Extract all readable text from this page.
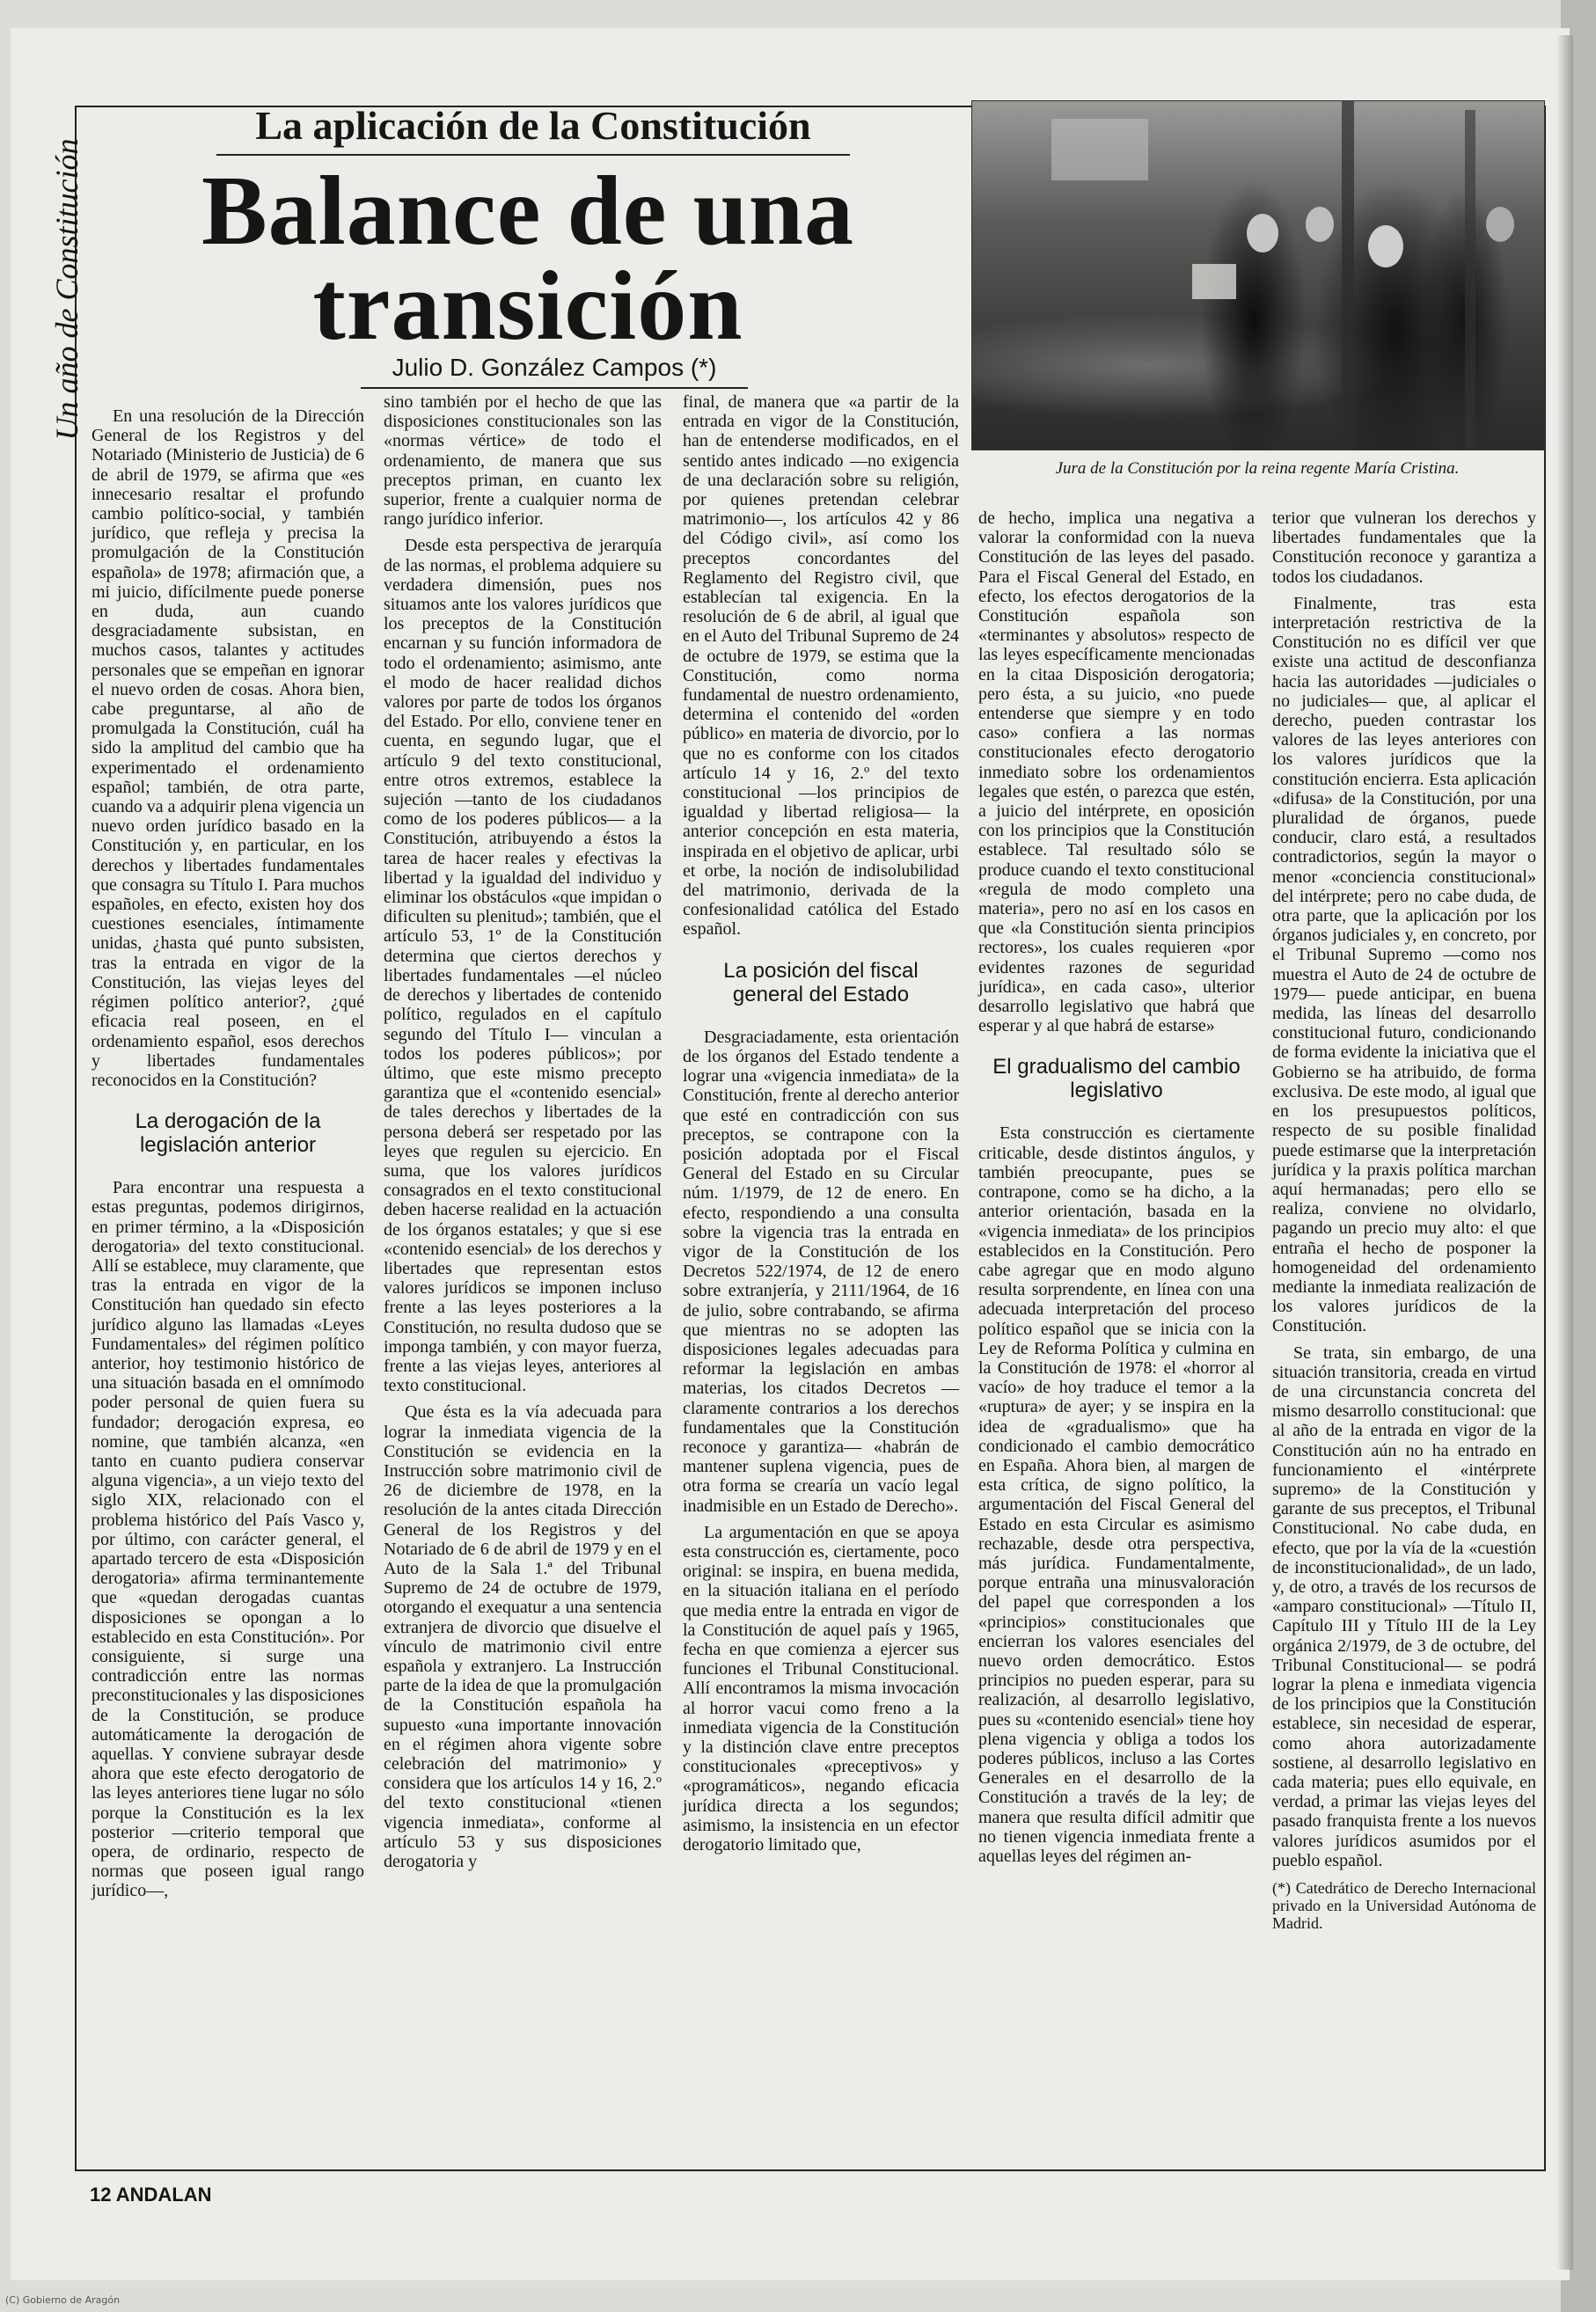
Un año de Constitución
La aplicación de la Constitución
Balance de una
transición
Julio D. González Campos (*)
Jura de la Constitución por la reina regente María Cristina.

En una resolución de la Dirección General de los Registros y del Notariado (Ministerio de Justicia) de 6 de abril de 1979, se afirma que «es innecesario resaltar el profundo cambio político-social, y también jurídico, que refleja y precisa la promulgación de la Constitución española» de 1978; afirmación que, a mi juicio, difícilmente puede ponerse en duda, aun cuando desgraciadamente subsistan, en muchos casos, talantes y actitudes personales que se empeñan en ignorar el nuevo orden de cosas. Ahora bien, cabe preguntarse, al año de promulgada la Constitución, cuál ha sido la amplitud del cambio que ha experimentado el ordenamiento español; también, de otra parte, cuando va a adquirir plena vigencia un nuevo orden jurídico basado en la Constitución y, en particular, en los derechos y libertades fundamentales que consagra su Título I. Para muchos españoles, en efecto, existen hoy dos cuestiones esenciales, íntimamente unidas, ¿hasta qué punto subsisten, tras la entrada en vigor de la Constitución, las viejas leyes del régimen político anterior?, ¿qué eficacia real poseen, en el ordenamiento español, esos derechos y libertades fundamentales reconocidos en la Constitución?

La derogación de la legislación anterior

Para encontrar una respuesta a estas preguntas, podemos dirigirnos, en primer término, a la «Disposición derogatoria» del texto constitucional. Allí se establece, muy claramente, que tras la entrada en vigor de la Constitución han quedado sin efecto jurídico alguno las llamadas «Leyes Fundamentales» del régimen político anterior, hoy testimonio histórico de una situación basada en el omnímodo poder personal de quien fuera su fundador; derogación expresa, eo nomine, que también alcanza, «en tanto en cuanto pudiera conservar alguna vigencia», a un viejo texto del siglo XIX, relacionado con el problema histórico del País Vasco y, por último, con carácter general, el apartado tercero de esta «Disposición derogatoria» afirma terminantemente que «quedan derogadas cuantas disposiciones se opongan a lo establecido en esta Constitución». Por consiguiente, si surge una contradicción entre las normas preconstitucionales y las disposiciones de la Constitución, se produce automáticamente la derogación de aquellas. Y conviene subrayar desde ahora que este efecto derogatorio de las leyes anteriores tiene lugar no sólo porque la Constitución es la lex posterior —criterio temporal que opera, de ordinario, respecto de normas que poseen igual rango jurídico—,

sino también por el hecho de que las disposiciones constitucionales son las «normas vértice» de todo el ordenamiento, de manera que sus preceptos priman, en cuanto lex superior, frente a cualquier norma de rango jurídico inferior.

Desde esta perspectiva de jerarquía de las normas, el problema adquiere su verdadera dimensión, pues nos situamos ante los valores jurídicos que los preceptos de la Constitución encarnan y su función informadora de todo el ordenamiento; asimismo, ante el modo de hacer realidad dichos valores por parte de todos los órganos del Estado. Por ello, conviene tener en cuenta, en segundo lugar, que el artículo 9 del texto constitucional, entre otros extremos, establece la sujeción —tanto de los ciudadanos como de los poderes públicos— a la Constitución, atribuyendo a éstos la tarea de hacer reales y efectivas la libertad y la igualdad del individuo y eliminar los obstáculos «que impidan o dificulten su plenitud»; también, que el artículo 53, 1º de la Constitución determina que ciertos derechos y libertades fundamentales —el núcleo de derechos y libertades de contenido político, regulados en el capítulo segundo del Título I— vinculan a todos los poderes públicos»; por último, que este mismo precepto garantiza que el «contenido esencial» de tales derechos y libertades de la persona deberá ser respetado por las leyes que regulen su ejercicio. En suma, que los valores jurídicos consagrados en el texto constitucional deben hacerse realidad en la actuación de los órganos estatales; y que si ese «contenido esencial» de los derechos y libertades que representan estos valores jurídicos se imponen incluso frente a las leyes posteriores a la Constitución, no resulta dudoso que se imponga también, y con mayor fuerza, frente a las viejas leyes, anteriores al texto constitucional.

Que ésta es la vía adecuada para lograr la inmediata vigencia de la Constitución se evidencia en la Instrucción sobre matrimonio civil de 26 de diciembre de 1978, en la resolución de la antes citada Dirección General de los Registros y del Notariado de 6 de abril de 1979 y en el Auto de la Sala 1.ª del Tribunal Supremo de 24 de octubre de 1979, otorgando el exequatur a una sentencia extranjera de divorcio que disuelve el vínculo de matrimonio civil entre española y extranjero. La Instrucción parte de la idea de que la promulgación de la Constitución española ha supuesto «una importante innovación en el régimen ahora vigente sobre celebración del matrimonio» y considera que los artículos 14 y 16, 2.º del texto constitucional «tienen vigencia inmediata», conforme al artículo 53 y sus disposiciones derogatoria y

final, de manera que «a partir de la entrada en vigor de la Constitución, han de entenderse modificados, en el sentido antes indicado —no exigencia de una declaración sobre su religión, por quienes pretendan celebrar matrimonio—, los artículos 42 y 86 del Código civil», así como los preceptos concordantes del Reglamento del Registro civil, que establecían tal exigencia. En la resolución de 6 de abril, al igual que en el Auto del Tribunal Supremo de 24 de octubre de 1979, se estima que la Constitución, como norma fundamental de nuestro ordenamiento, determina el contenido del «orden público» en materia de divorcio, por lo que no es conforme con los citados artículo 14 y 16, 2.º del texto constitucional —los principios de igualdad y libertad religiosa— la anterior concepción en esta materia, inspirada en el objetivo de aplicar, urbi et orbe, la noción de indisolubilidad del matrimonio, derivada de la confesionalidad católica del Estado español.

La posición del fiscal general del Estado

Desgraciadamente, esta orientación de los órganos del Estado tendente a lograr una «vigencia inmediata» de la Constitución, frente al derecho anterior que esté en contradicción con sus preceptos, se contrapone con la posición adoptada por el Fiscal General del Estado en su Circular núm. 1/1979, de 12 de enero. En efecto, respondiendo a una consulta sobre la vigencia tras la entrada en vigor de la Constitución de los Decretos 522/1974, de 12 de enero sobre extranjería, y 2111/1964, de 16 de julio, sobre contrabando, se afirma que mientras no se adopten las disposiciones legales adecuadas para reformar la legislación en ambas materias, los citados Decretos —claramente contrarios a los derechos fundamentales que la Constitución reconoce y garantiza— «habrán de mantener suplena vigencia, pues de otra forma se crearía un vacío legal inadmisible en un Estado de Derecho».

La argumentación en que se apoya esta construcción es, ciertamente, poco original: se inspira, en buena medida, en la situación italiana en el período que media entre la entrada en vigor de la Constitución de aquel país y 1965, fecha en que comienza a ejercer sus funciones el Tribunal Constitucional. Allí encontramos la misma invocación al horror vacui como freno a la inmediata vigencia de la Constitución y la distinción clave entre preceptos constitucionales «preceptivos» y «programáticos», negando eficacia jurídica directa a los segundos; asimismo, la insistencia en un efector derogatorio limitado que,

de hecho, implica una negativa a valorar la conformidad con la nueva Constitución de las leyes del pasado. Para el Fiscal General del Estado, en efecto, los efectos derogatorios de la Constitución española son «terminantes y absolutos» respecto de las leyes específicamente mencionadas en la citaa Disposición derogatoria; pero ésta, a su juicio, «no puede entenderse que siempre y en todo caso» confiera a las normas constitucionales efecto derogatorio inmediato sobre los ordenamientos legales que estén, o parezca que estén, a juicio del intérprete, en oposición con los principios que la Constitución establece. Tal resultado sólo se produce cuando el texto constitucional «regula de modo completo una materia», pero no así en los casos en que «la Constitución sienta principios rectores», los cuales requieren «por evidentes razones de seguridad jurídica», en cada caso», ulterior desarrollo legislativo que habrá que esperar y al que habrá de estarse»

El gradualismo del cambio legislativo

Esta construcción es ciertamente criticable, desde distintos ángulos, y también preocupante, pues se contrapone, como se ha dicho, a la anterior orientación, basada en la «vigencia inmediata» de los principios establecidos en la Constitución. Pero cabe agregar que en modo alguno resulta sorprendente, en línea con una adecuada interpretación del proceso político español que se inicia con la Ley de Reforma Política y culmina en la Constitución de 1978: el «horror al vacío» de hoy traduce el temor a la «ruptura» de ayer; y se inspira en la idea de «gradualismo» que ha condicionado el cambio democrático en España. Ahora bien, al margen de esta crítica, de signo político, la argumentación del Fiscal General del Estado en esta Circular es asimismo rechazable, desde otra perspectiva, más jurídica. Fundamentalmente, porque entraña una minusvaloración del papel que corresponden a los «principios» constitucionales que encierran los valores esenciales del nuevo orden democrático. Estos principios no pueden esperar, para su realización, al desarrollo legislativo, pues su «contenido esencial» tiene hoy plena vigencia y obliga a todos los poderes públicos, incluso a las Cortes Generales en el desarrollo de la Constitución a través de la ley; de manera que resulta difícil admitir que no tienen vigencia inmediata frente a aquellas leyes del régimen an-

terior que vulneran los derechos y libertades fundamentales que la Constitución reconoce y garantiza a todos los ciudadanos.

Finalmente, tras esta interpretación restrictiva de la Constitución no es difícil ver que existe una actitud de desconfianza hacia las autoridades —judiciales o no judiciales— que, al aplicar el derecho, pueden contrastar los valores de las leyes anteriores con los valores jurídicos que la constitución encierra. Esta aplicación «difusa» de la Constitución, por una pluralidad de órganos, puede conducir, claro está, a resultados contradictorios, según la mayor o menor «conciencia constitucional» del intérprete; pero no cabe duda, de otra parte, que la aplicación por los órganos judiciales y, en concreto, por el Tribunal Supremo —como nos muestra el Auto de 24 de octubre de 1979— puede anticipar, en buena medida, las líneas del desarrollo constitucional futuro, condicionando de forma evidente la iniciativa que el Gobierno se ha atribuido, de forma exclusiva. De este modo, al igual que en los presupuestos políticos, respecto de su posible finalidad puede estimarse que la interpretación jurídica y la praxis política marchan aquí hermanadas; pero ello se realiza, conviene no olvidarlo, pagando un precio muy alto: el que entraña el hecho de posponer la homogeneidad del ordenamiento mediante la inmediata realización de los valores jurídicos de la Constitución.

Se trata, sin embargo, de una situación transitoria, creada en virtud de una circunstancia concreta del mismo desarrollo constitucional: que al año de la entrada en vigor de la Constitución aún no ha entrado en funcionamiento el «intérprete supremo» de la Constitución y garante de sus preceptos, el Tribunal Constitucional. No cabe duda, en efecto, que por la vía de la «cuestión de inconstitucionalidad», de un lado, y, de otro, a través de los recursos de «amparo constitucional» —Título II, Capítulo III y Título III de la Ley orgánica 2/1979, de 3 de octubre, del Tribunal Constitucional— se podrá lograr la plena e inmediata vigencia de los principios que la Constitución establece, sin necesidad de esperar, como ahora autorizadamente sostiene, al desarrollo legislativo en cada materia; pues ello equivale, en verdad, a primar las viejas leyes del pasado franquista frente a los nuevos valores jurídicos asumidos por el pueblo español.

(*) Catedrático de Derecho Internacional privado en la Universidad Autónoma de Madrid.

12 ANDALAN
(C) Gobierno de Aragón
